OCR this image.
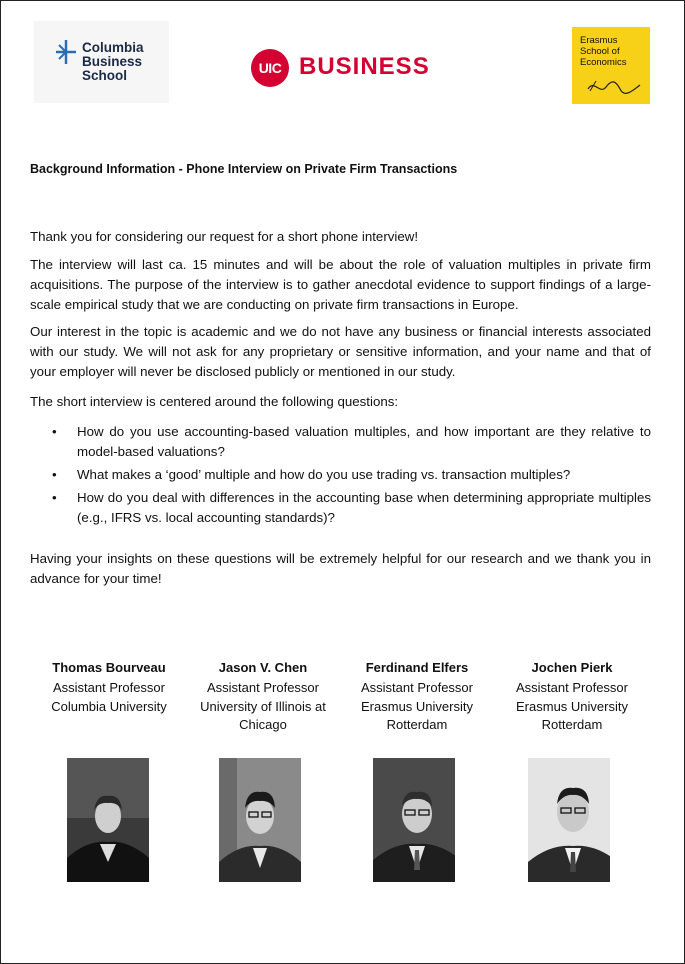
Columbia
Business
School	UIC BUSINESS
Erasmus
School of
Economics
Background Information - Phone Interview on Private Firm Transactions
Thank you for considering our request for a short phone interview!
The interview will last ca. 15 minutes and will be about the role of valuation multiples in private firm acquisitions. The purpose of the interview is to gather anecdotal evidence to support findings of a large-scale empirical study that we are conducting on private firm transactions in Europe.
Our interest in the topic is academic and we do not have any business or financial interests associated with our study. We will not ask for any proprietary or sensitive information, and your name and that of your employer will never be disclosed publicly or mentioned in our study.
The short interview is centered around the following questions:
• How do you use accounting-based valuation multiples, and how important are they relative to model-based valuations?
• What makes a ‘good’ multiple and how do you use trading vs. transaction multiples?
• How do you deal with differences in the accounting base when determining appropriate multiples (e.g., IFRS vs. local accounting standards)?
Having your insights on these questions will be extremely helpful for our research and we thank you in advance for your time!
Thomas Bourveau
Assistant Professor
Columbia University
Jason V. Chen
Assistant Professor
University of Illinois at Chicago
Ferdinand Elfers
Assistant Professor
Erasmus University Rotterdam
Jochen Pierk
Assistant Professor
Erasmus University Rotterdam
